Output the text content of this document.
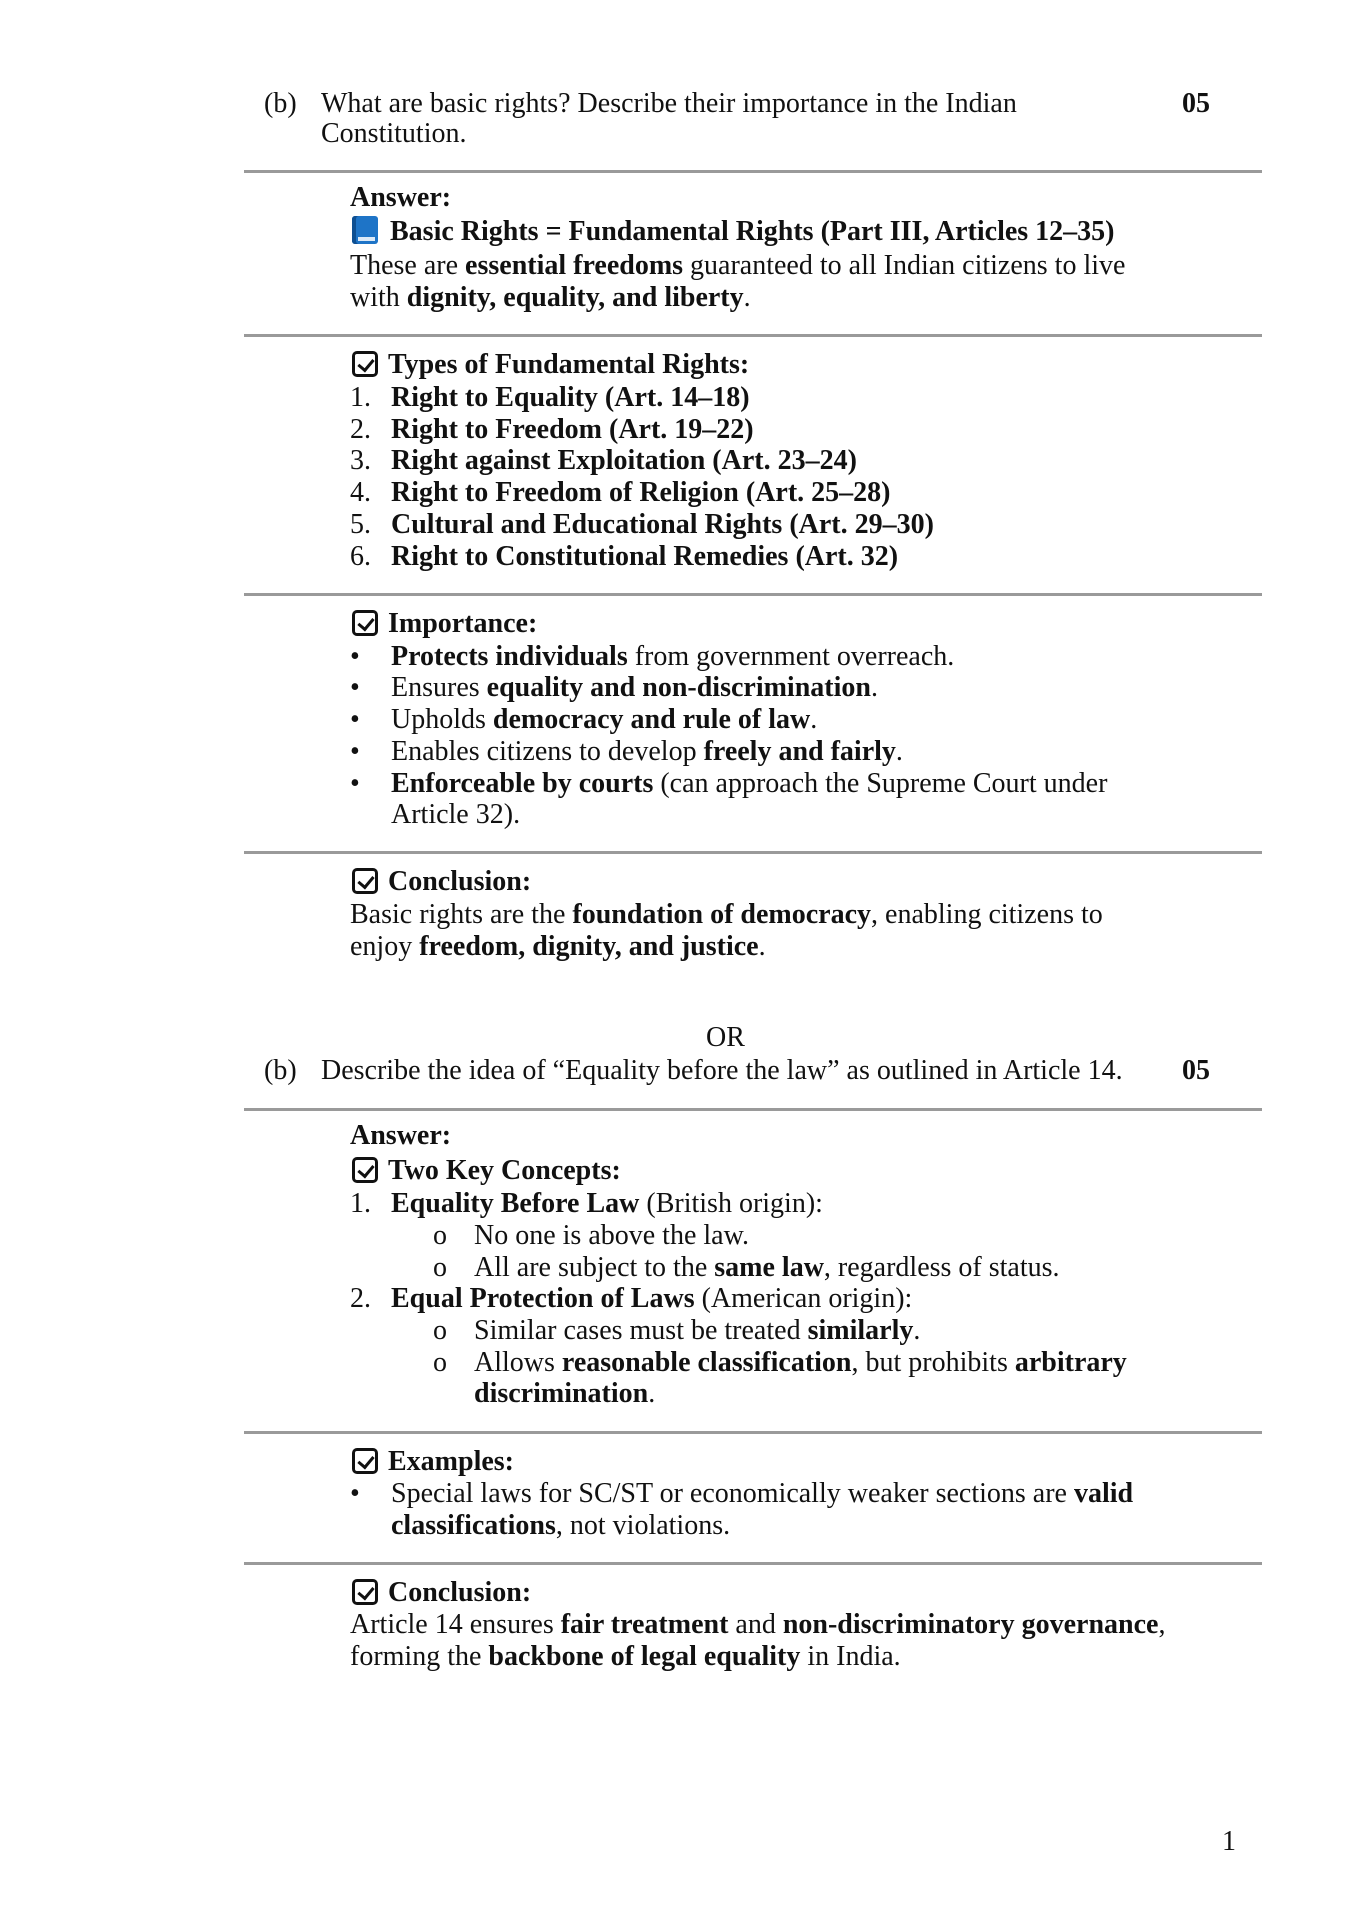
(b) What are basic rights? Describe their importance in the Indian
Constitution.
05
Answer:
Basic Rights = Fundamental Rights (Part III, Articles 12–35)
These are essential freedoms guaranteed to all Indian citizens to live
with dignity, equality, and liberty.
Types of Fundamental Rights:
1. Right to Equality (Art. 14–18)
2. Right to Freedom (Art. 19–22)
3. Right against Exploitation (Art. 23–24)
4. Right to Freedom of Religion (Art. 25–28)
5. Cultural and Educational Rights (Art. 29–30)
6. Right to Constitutional Remedies (Art. 32)
Importance:
• Protects individuals from government overreach.
• Ensures equality and non-discrimination.
• Upholds democracy and rule of law.
• Enables citizens to develop freely and fairly.
• Enforceable by courts (can approach the Supreme Court under
Article 32).
Conclusion:
Basic rights are the foundation of democracy, enabling citizens to
enjoy freedom, dignity, and justice.
OR
(b) Describe the idea of “Equality before the law” as outlined in Article 14. 05
Answer:
Two Key Concepts:
1. Equality Before Law (British origin):
o No one is above the law.
o All are subject to the same law, regardless of status.
2. Equal Protection of Laws (American origin):
o Similar cases must be treated similarly.
o Allows reasonable classification, but prohibits arbitrary
discrimination.
Examples:
• Special laws for SC/ST or economically weaker sections are valid
classifications, not violations.
Conclusion:
Article 14 ensures fair treatment and non-discriminatory governance,
forming the backbone of legal equality in India.
1
